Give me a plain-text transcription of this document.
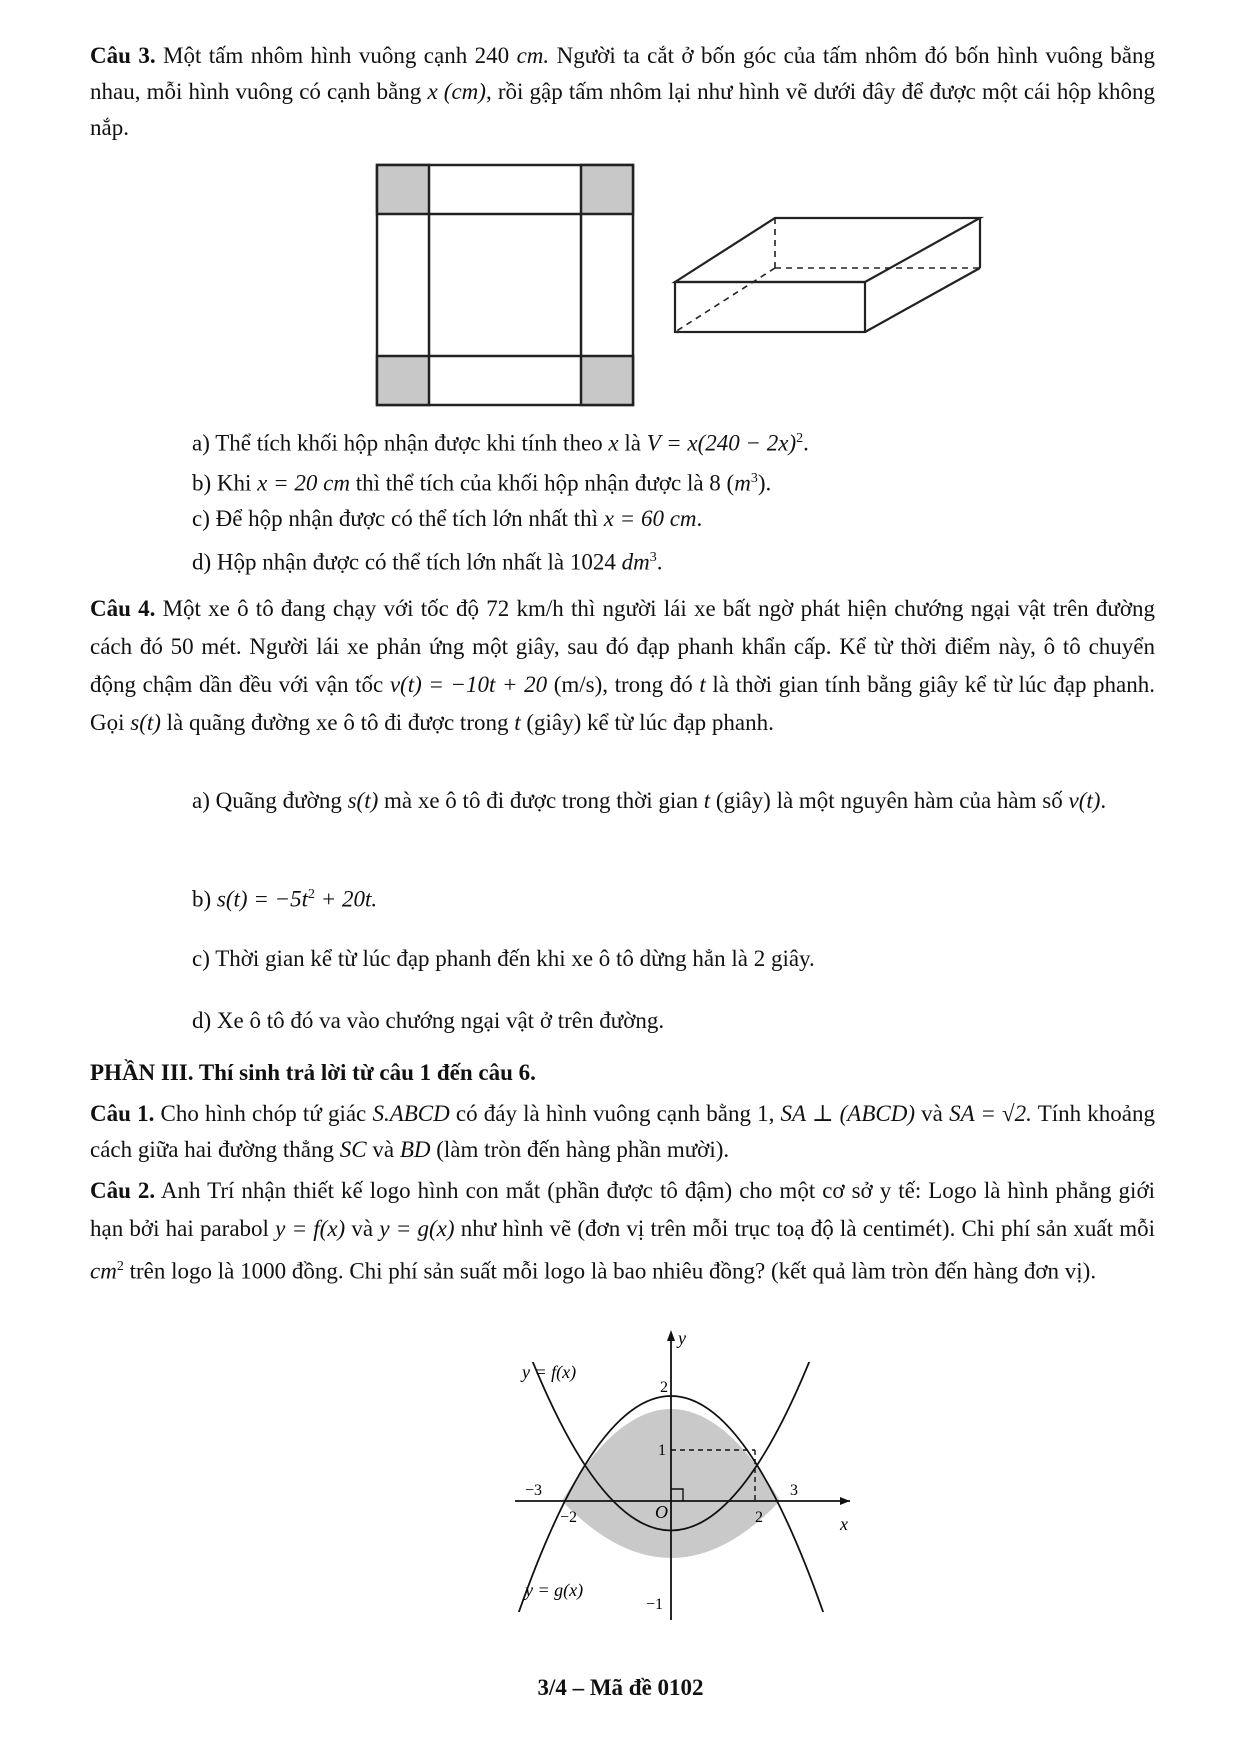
Câu 3. Một tấm nhôm hình vuông cạnh 240 cm. Người ta cắt ở bốn góc của tấm nhôm đó bốn hình vuông bằng nhau, mỗi hình vuông có cạnh bằng x (cm), rồi gập tấm nhôm lại như hình vẽ dưới đây để được một cái hộp không nắp.

a) Thể tích khối hộp nhận được khi tính theo x là $V = x(240 - 2x)^2$.

b) Khi x = 20 cm thì thể tích của khối hộp nhận được là 8 $(m^3)$.

c) Để hộp nhận được có thể tích lớn nhất thì x = 60 cm.

d) Hộp nhận được có thể tích lớn nhất là 1024 $dm^3$.

Câu 4. Một xe ô tô đang chạy với tốc độ 72 km/h thì người lái xe bất ngờ phát hiện chướng ngại vật trên đường cách đó 50 mét. Người lái xe phản ứng một giây, sau đó đạp phanh khẩn cấp. Kể từ thời điểm này, ô tô chuyển động chậm dần đều với vận tốc v(t) = −10t + 20 (m/s), trong đó t là thời gian tính bằng giây kể từ lúc đạp phanh. Gọi s(t) là quãng đường xe ô tô đi được trong t (giây) kể từ lúc đạp phanh.

a) Quãng đường s(t) mà xe ô tô đi được trong thời gian t (giây) là một nguyên hàm của hàm số v(t).

b) $s(t) = -5t^2 + 20t$.

c) Thời gian kể từ lúc đạp phanh đến khi xe ô tô dừng hẳn là 2 giây.

d) Xe ô tô đó va vào chướng ngại vật ở trên đường.

PHẦN III. Thí sinh trả lời từ câu 1 đến câu 6.

Câu 1. Cho hình chóp tứ giác S.ABCD có đáy là hình vuông cạnh bằng 1, SA ⊥ (ABCD) và SA = √2. Tính khoảng cách giữa hai đường thẳng SC và BD (làm tròn đến hàng phần mười).

Câu 2. Anh Trí nhận thiết kế logo hình con mắt (phần được tô đậm) cho một cơ sở y tế: Logo là hình phẳng giới hạn bởi hai parabol y = f(x) và y = g(x) như hình vẽ (đơn vị trên mỗi trục toạ độ là centimét). Chi phí sản xuất mỗi $cm^2$ trên logo là 1000 đồng. Chi phí sản suất mỗi logo là bao nhiêu đồng? (kết quả làm tròn đến hàng đơn vị).

y
x
y = f(x)
y = g(x)
O
2
1
−1
−3
−2	2
3
3/4 – Mã đề 0102
